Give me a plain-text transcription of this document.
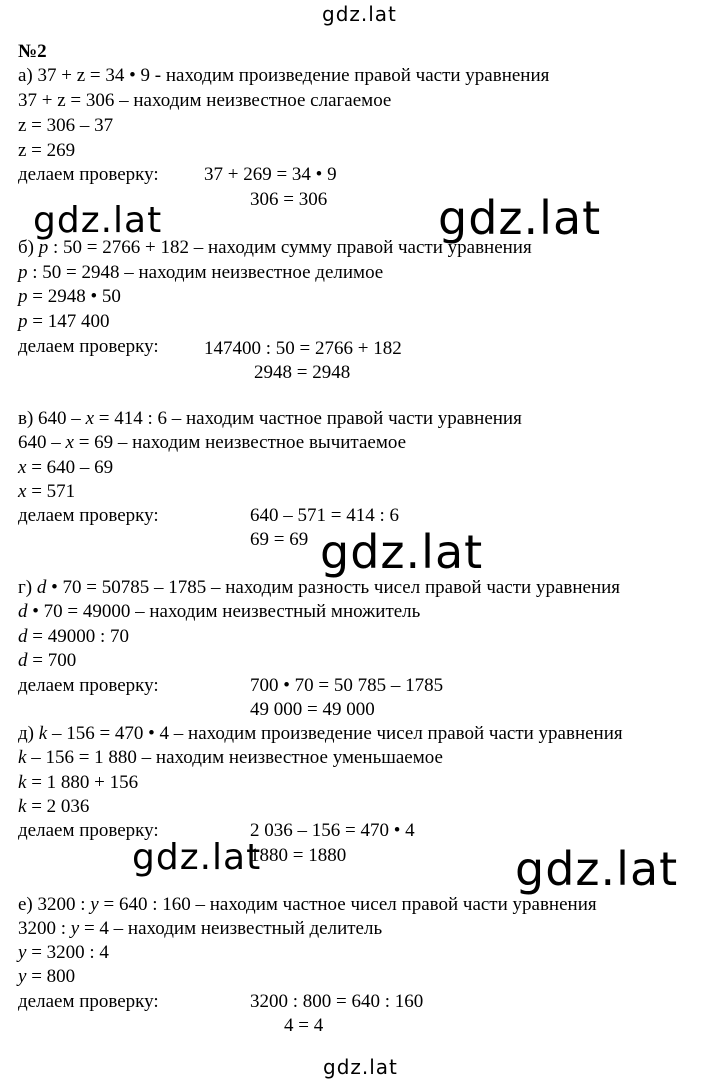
gdz.lat
gdz.lat
№2
а) 37 + z = 34 • 9 - находим произведение правой части уравнения
37 + z = 306 – находим неизвестное слагаемое
z = 306 – 37
z = 269
делаем проверку: 37 + 269 = 34 • 9
306 = 306
gdz.lat	gdz.lat
б) p : 50 = 2766 + 182 – находим сумму правой части уравнения
p : 50 = 2948 – находим неизвестное делимое
p = 2948 • 50
p = 147 400
делаем проверку: 147400 : 50 = 2766 + 182
2948 = 2948
в) 640 – x = 414 : 6 – находим частное правой части уравнения
640 – x = 69 – находим неизвестное вычитаемое
x = 640 – 69
x = 571
делаем проверку:	640 – 571 = 414 : 6
69 = 69 gdz.lat
г) d • 70 = 50785 – 1785 – находим разность чисел правой части уравнения
d • 70 = 49000 – находим неизвестный множитель
d = 49000 : 70
d = 700
делаем проверку:	700 • 70 = 50 785 – 1785
49 000 = 49 000
д) k – 156 = 470 • 4 – находим произведение чисел правой части уравнения
k – 156 = 1 880 – находим неизвестное уменьшаемое
k = 1 880 + 156
k = 2 036
делаем проверку:	2 036 – 156 = 470 • 4
1880 = 1880
gdz.lat	gdz.lat
е) 3200 : y = 640 : 160 – находим частное чисел правой части уравнения
3200 : y = 4 – находим неизвестный делитель
y = 3200 : 4
y = 800
делаем проверку:	3200 : 800 = 640 : 160
4 = 4
